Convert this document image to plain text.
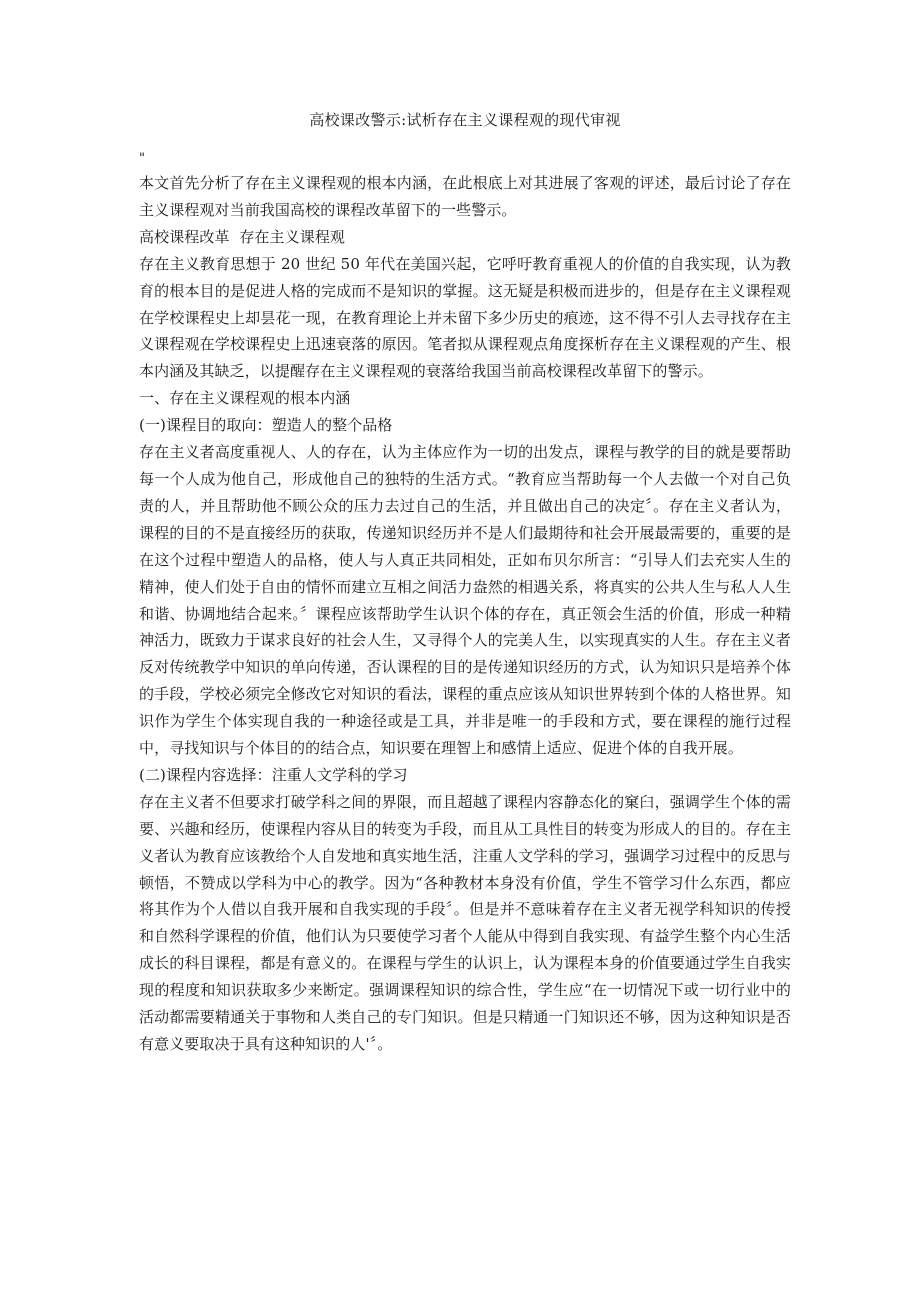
高校课改警示:试析存在主义课程观的现代审视
"

本文首先分析了存在主义课程观的根本内涵，在此根底上对其进展了客观的评述，最后讨论了存在主义课程观对当前我国高校的课程改革留下的一些警示。

高校课程改革  存在主义课程观

存在主义教育思想于 20 世纪 50 年代在美国兴起，它呼吁教育重视人的价值的自我实现，认为教育的根本目的是促进人格的完成而不是知识的掌握。这无疑是积极而进步的，但是存在主义课程观在学校课程史上却昙花一现，在教育理论上并未留下多少历史的痕迹，这不得不引人去寻找存在主义课程观在学校课程史上迅速衰落的原因。笔者拟从课程观点角度探析存在主义课程观的产生、根本内涵及其缺乏，以提醒存在主义课程观的衰落给我国当前高校课程改革留下的警示。

一、存在主义课程观的根本内涵

(一)课程目的取向：塑造人的整个品格

存在主义者高度重视人、人的存在，认为主体应作为一切的出发点，课程与教学的目的就是要帮助每一个人成为他自己，形成他自己的独特的生活方式。“教育应当帮助每一个人去做一个对自己负责的人，并且帮助他不顾公众的压力去过自己的生活，并且做出自己的决定〞。存在主义者认为，课程的目的不是直接经历的获取，传递知识经历并不是人们最期待和社会开展最需要的，重要的是在这个过程中塑造人的品格，使人与人真正共同相处，正如布贝尔所言：“引导人们去充实人生的精神，使人们处于自由的情怀而建立互相之间活力盎然的相遇关系，将真实的公共人生与私人人生和谐、协调地结合起来。〞课程应该帮助学生认识个体的存在，真正领会生活的价值，形成一种精神活力，既致力于谋求良好的社会人生，又寻得个人的完美人生，以实现真实的人生。存在主义者反对传统教学中知识的单向传递，否认课程的目的是传递知识经历的方式，认为知识只是培养个体的手段，学校必须完全修改它对知识的看法，课程的重点应该从知识世界转到个体的人格世界。知识作为学生个体实现自我的一种途径或是工具，并非是唯一的手段和方式，要在课程的施行过程中，寻找知识与个体目的的结合点，知识要在理智上和感情上适应、促进个体的自我开展。

(二)课程内容选择：注重人文学科的学习

存在主义者不但要求打破学科之间的界限，而且超越了课程内容静态化的窠臼，强调学生个体的需要、兴趣和经历，使课程内容从目的转变为手段，而且从工具性目的转变为形成人的目的。存在主义者认为教育应该教给个人自发地和真实地生活，注重人文学科的学习，强调学习过程中的反思与顿悟，不赞成以学科为中心的教学。因为“各种教材本身没有价值，学生不管学习什么东西，都应将其作为个人借以自我开展和自我实现的手段〞。但是并不意味着存在主义者无视学科知识的传授和自然科学课程的价值，他们认为只要使学习者个人能从中得到自我实现、有益学生整个内心生活成长的科目课程，都是有意义的。在课程与学生的认识上，认为课程本身的价值要通过学生自我实现的程度和知识获取多少来断定。强调课程知识的综合性，学生应“在一切情况下或一切行业中的活动都需要精通关于事物和人类自己的专门知识。但是只精通一门知识还不够，因为这种知识是否有意义要取决于具有这种知识的人'〞。
